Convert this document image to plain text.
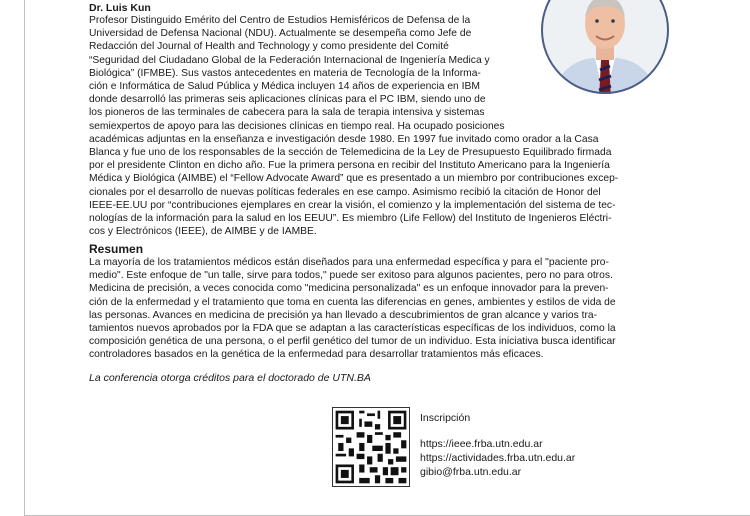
Dr. Luis Kun

Profesor Distinguido Emérito del Centro de Estudios Hemisféricos de Defensa de la

Universidad de Defensa Nacional (NDU). Actualmente se desempeña como Jefe de

Redacción del Journal of Health and Technology y como presidente del Comité

“Seguridad del Ciudadano Global de la Federación Internacional de Ingeniería Medica y

Biológica” (IFMBE). Sus vastos antecedentes en materia de Tecnología de la Informa-

ción e Informática de Salud Pública y Médica incluyen 14 años de experiencia en IBM

donde desarrolló las primeras seis aplicaciones clínicas para el PC IBM, siendo uno de

los pioneros de las terminales de cabecera para la sala de terapia intensiva y sistemas

semiexpertos de apoyo para las decisiones clínicas en tiempo real. Ha ocupado posiciones

académicas adjuntas en la enseñanza e investigación desde 1980. En 1997 fue invitado como orador a la Casa

Blanca y fue uno de los responsables de la sección de Telemedicina de la Ley de Presupuesto Equilibrado firmada

por el presidente Clinton en dicho año. Fue la primera persona en recibir del Instituto Americano para la Ingeniería

Médica y Biológica (AIMBE) el “Fellow Advocate Award” que es presentado a un miembro por contribuciones excep-

cionales por el desarrollo de nuevas políticas federales en ese campo. Asimismo recibió la citación de Honor del

IEEE-EE.UU por “contribuciones ejemplares en crear la visión, el comienzo y la implementación del sistema de tec-

nologías de la información para la salud en los EEUU”. Es miembro (Life Fellow) del Instituto de Ingenieros Eléctri-

cos y Electrónicos (IEEE), de AIMBE y de IAMBE.

Resumen
La mayoría de los tratamientos médicos están diseñados para una enfermedad específica y para el "paciente pro-
medio". Este enfoque de "un talle, sirve para todos," puede ser exitoso para algunos pacientes, pero no para otros.
Medicina de precisión, a veces conocida como "medicina personalizada" es un enfoque innovador para la preven-
ción de la enfermedad y el tratamiento que toma en cuenta las diferencias en genes, ambientes y estilos de vida de
las personas. Avances en medicina de precisión ya han llevado a descubrimientos de gran alcance y varios tra-
tamientos nuevos aprobados por la FDA que se adaptan a las características específicas de los individuos, como la
composición genética de una persona, o el perfil genético del tumor de un individuo. Esta iniciativa busca identificar
controladores basados en la genética de la enfermedad para desarrollar tratamientos más eficaces.
La conferencia otorga créditos para el doctorado de UTN.BA
Inscripción
https://ieee.frba.utn.edu.ar
https://actividades.frba.utn.edu.ar
gibio@frba.utn.edu.ar
